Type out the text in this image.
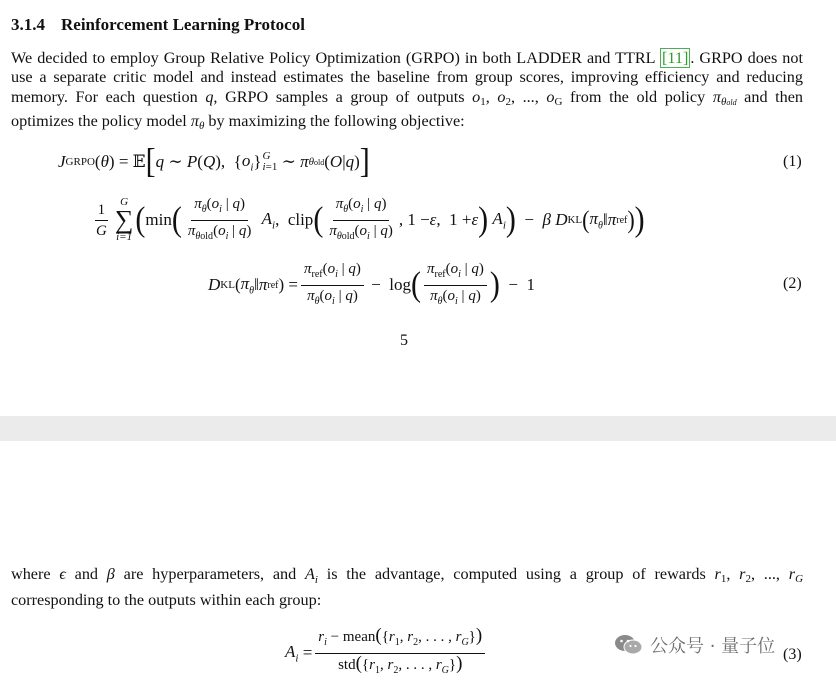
3.1.4 Reinforcement Learning Protocol
We decided to employ Group Relative Policy Optimization (GRPO) in both LADDER and TTRL [11] . GRPO does not
use a separate critic model and instead estimates the baseline from group scores, improving efficiency and reducing
memory. For each question q, GRPO samples a group of outputs $o_1$, $o_2$, ..., $o_G$ from the old policy $\pi_{\theta old}$ and then
optimizes the policy model $\pi_\theta$ by maximizing the following objective:
J GRPO ( θ ) = 𝔼 [ q ∼ P ( Q ),  { $o_i$ } G
i=1 ∼ π θold ( O | q ) ]	(1)
$\frac{1}{G}$ G
∑
i=1 ( min ( $\frac{\pi_\theta(o_i | q)}{\pi_{\theta old}(o_i | q)}$
$A_i$ ,  clip ( $\frac{\pi_\theta(o_i | q)}{\pi_{\theta old}(o_i | q)}$ , 1 − ε ,  1 + ε )
$A_i$ ) − β
D KL ( $\pi_\theta$ ‖ π ref ) )
D KL ( $\pi_\theta$ ‖ π ref ) = $\frac{\pi_{ref}(o_i | q)}{\pi_\theta(o_i | q)} - \log$ ( $\frac{\pi_{ref}(o_i | q)}{\pi_\theta(o_i | q)}$ ) −  1	(2)
5
where ϵ and β are hyperparameters, and $A_i$ is the advantage, computed using a group of rewards $r_1$, $r_2$, ..., $r_G$
corresponding to the outputs within each group:
$A_i = \frac{r_i - mean(\{r_1, r_2, . . . , r_G\})}{std(\{r_1, r_2, . . . , r_G\})}$	(3)
公众号 · 量子位
